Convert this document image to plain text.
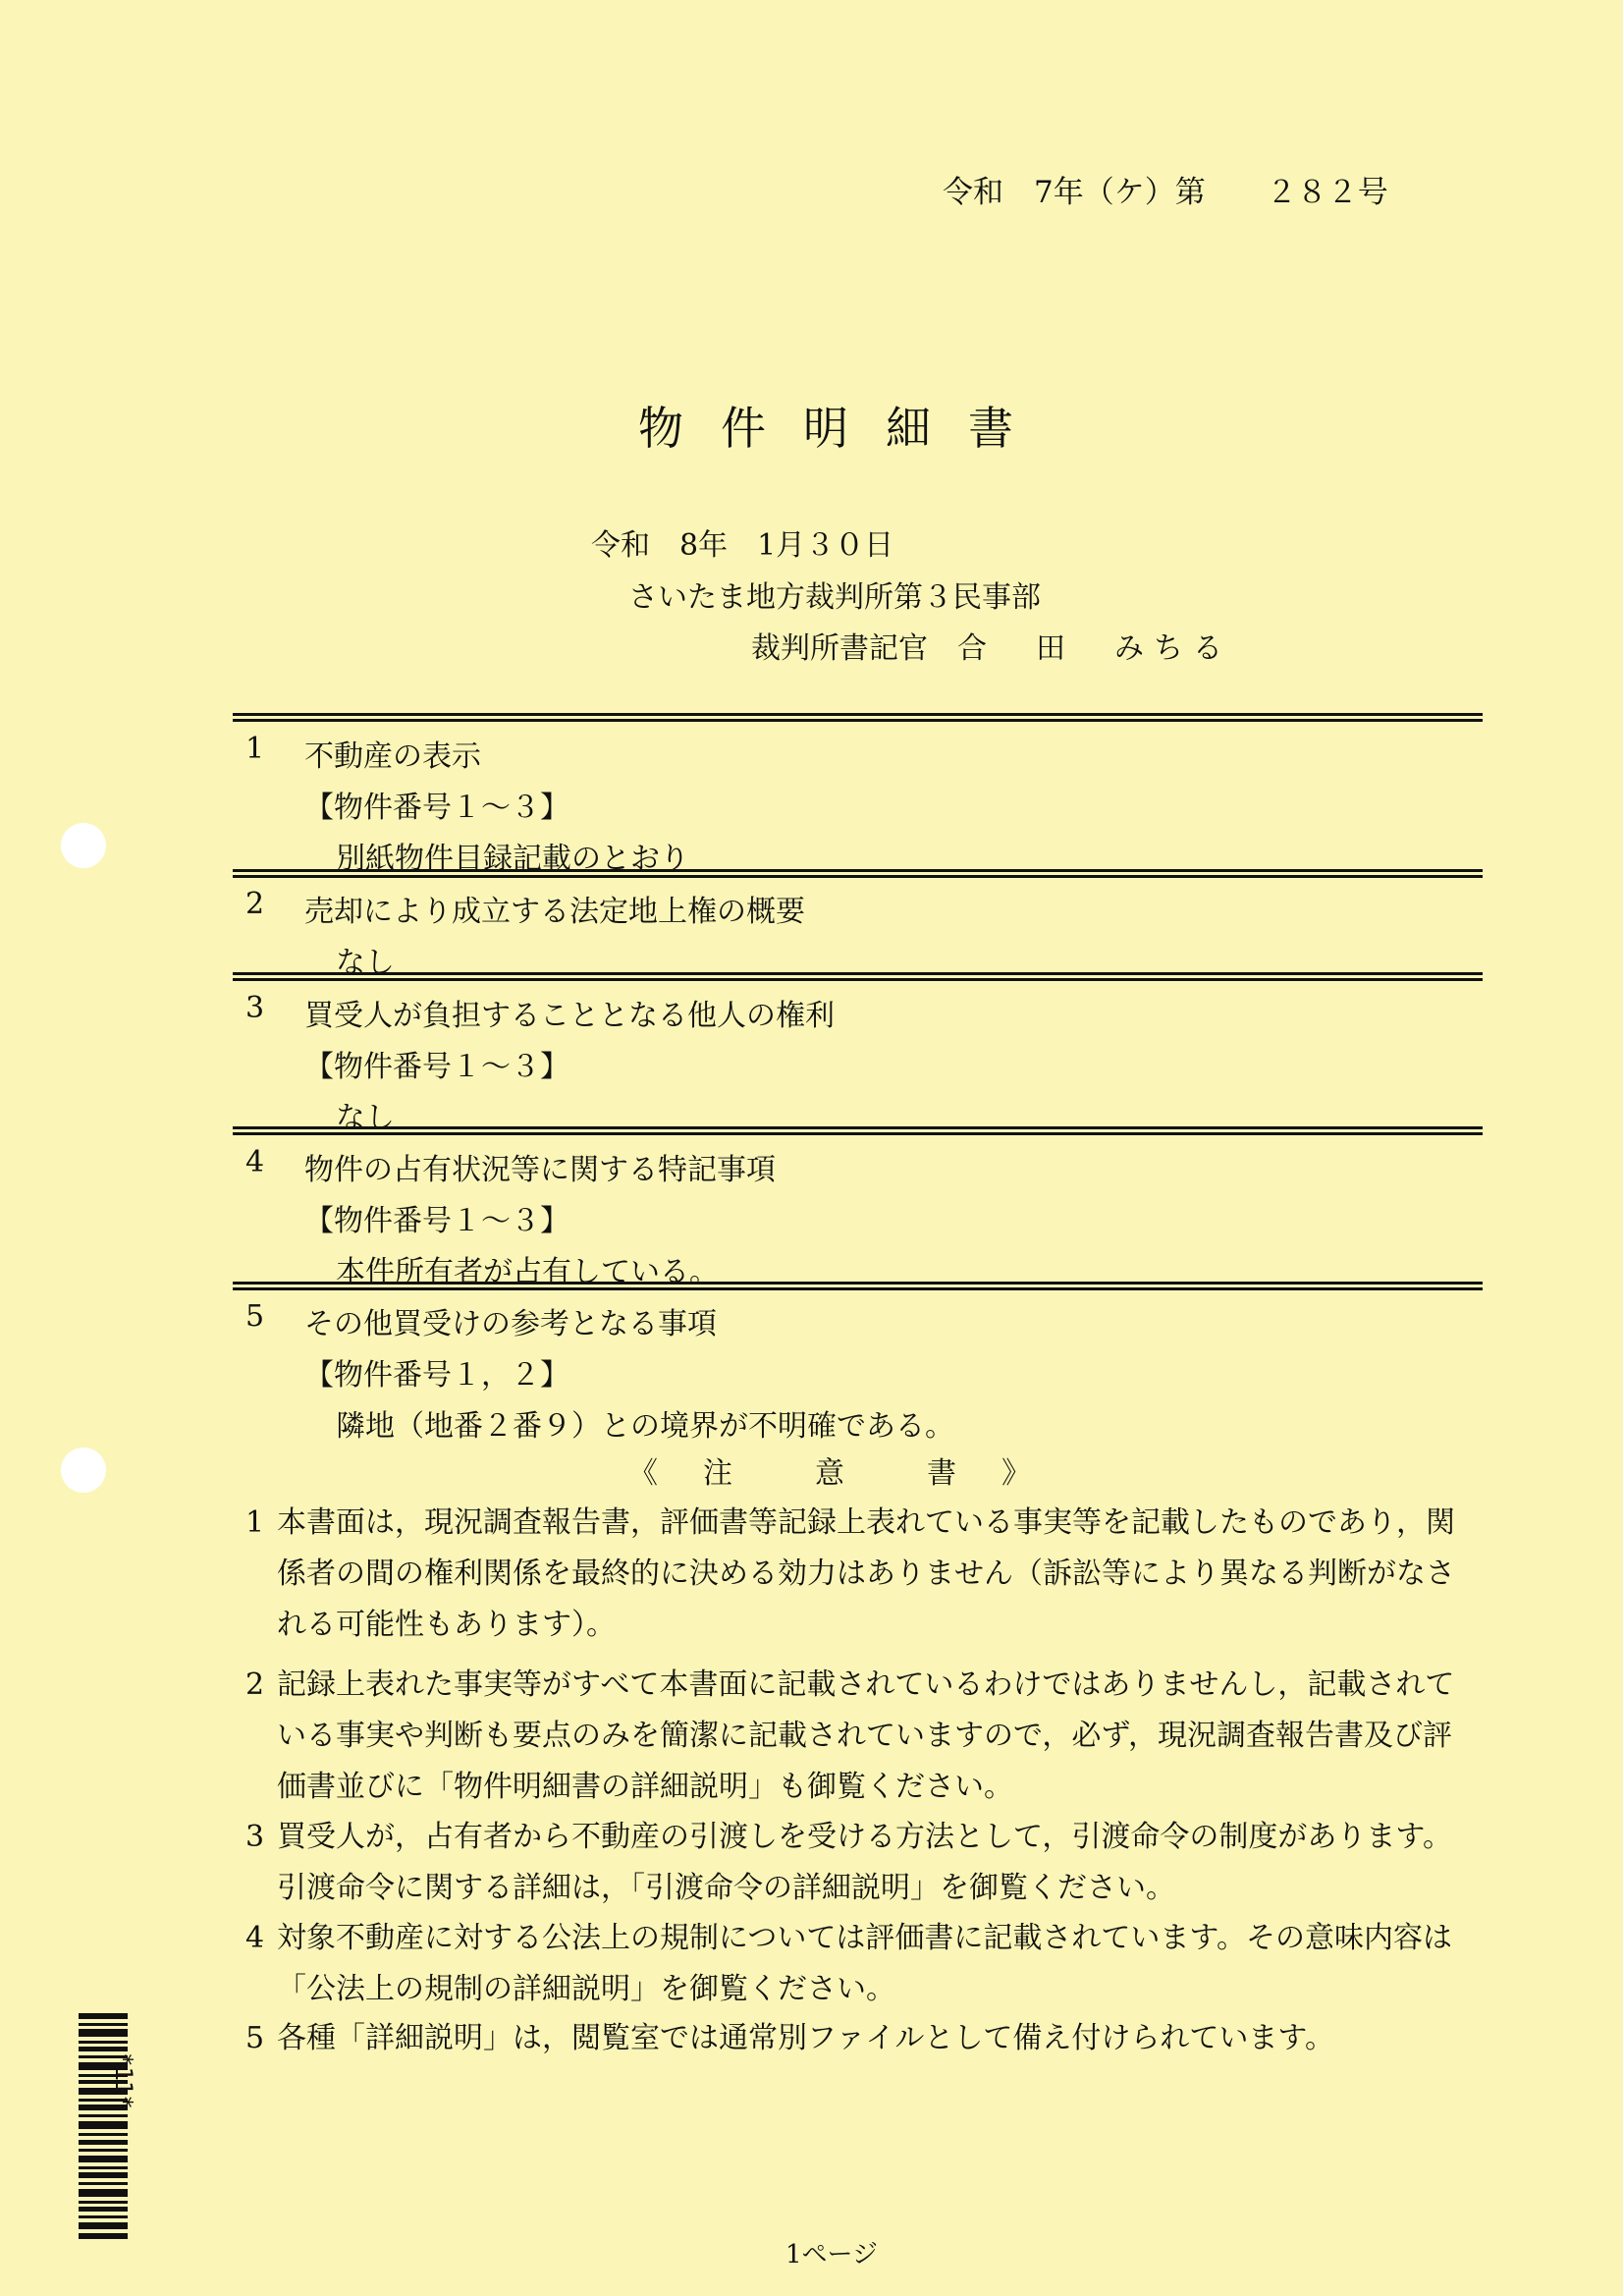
令和　7年（ケ）第　　２８２号
物件明細書
令和　8年　1月３０日
さいたま地方裁判所第３民事部
裁判所書記官 合　田　みちる
1 不動産の表示
【物件番号１～３】
別紙物件目録記載のとおり
2 売却により成立する法定地上権の概要
なし
3 買受人が負担することとなる他人の権利
【物件番号１～３】
なし
4 物件の占有状況等に関する特記事項
【物件番号１～３】
本件所有者が占有している。
5 その他買受けの参考となる事項
【物件番号１，２】
隣地（地番２番９）との境界が不明確である。
《　注　　意　　書　》
1 本書面は，現況調査報告書，評価書等記録上表れている事実等を記載したものであり，関係者の間の権利関係を最終的に決める効力はありません（訴訟等により異なる判断がなされる可能性もあります）。
2 記録上表れた事実等がすべて本書面に記載されているわけではありませんし，記載されている事実や判断も要点のみを簡潔に記載されていますので，必ず，現況調査報告書及び評価書並びに「物件明細書の詳細説明」も御覧ください。
3 買受人が，占有者から不動産の引渡しを受ける方法として，引渡命令の制度があります。引渡命令に関する詳細は，「引渡命令の詳細説明」を御覧ください。
4 対象不動産に対する公法上の規制については評価書に記載されています。その意味内容は「公法上の規制の詳細説明」を御覧ください。
5 各種「詳細説明」は，閲覧室では通常別ファイルとして備え付けられています。
*11*
1ページ
